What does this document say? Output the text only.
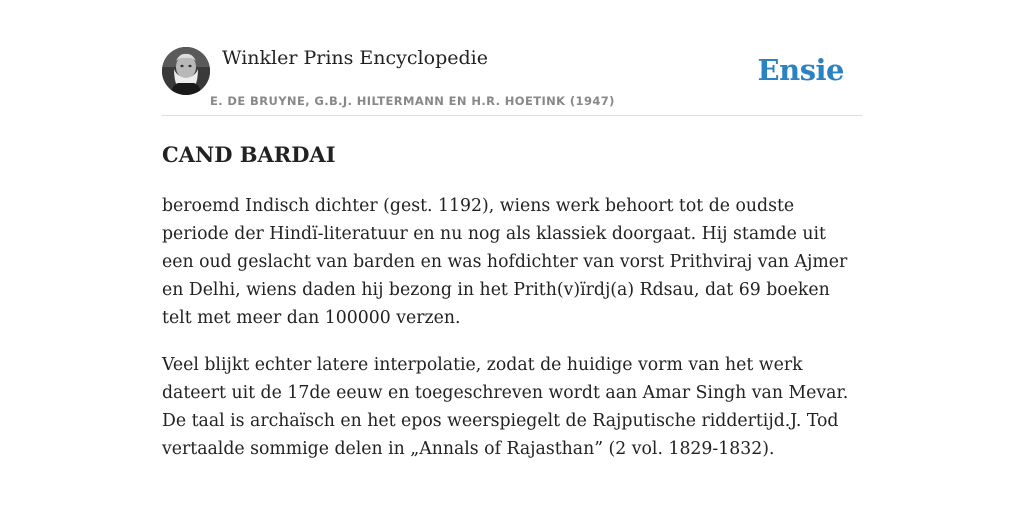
Winkler Prins Encyclopedie
E. DE BRUYNE, G.B.J. HILTERMANN EN H.R. HOETINK (1947)
Ensie
CAND BARDAI

beroemd Indisch dichter (gest. 1192), wiens werk behoort tot de oudste periode der Hindï-literatuur en nu nog als klassiek doorgaat. Hij stamde uit een oud geslacht van barden en was hofdichter van vorst Prithviraj van Ajmer en Delhi, wiens daden hij bezong in het Prith(v)ïrdj(a) Rdsau, dat 69 boeken telt met meer dan 100000 verzen.

Veel blijkt echter latere interpolatie, zodat de huidige vorm van het werk dateert uit de 17de eeuw en toegeschreven wordt aan Amar Singh van Mevar. De taal is archaïsch en het epos weerspiegelt de Rajputische riddertijd.J. Tod vertaalde sommige delen in „Annals of Rajasthan” (2 vol. 1829-1832).
